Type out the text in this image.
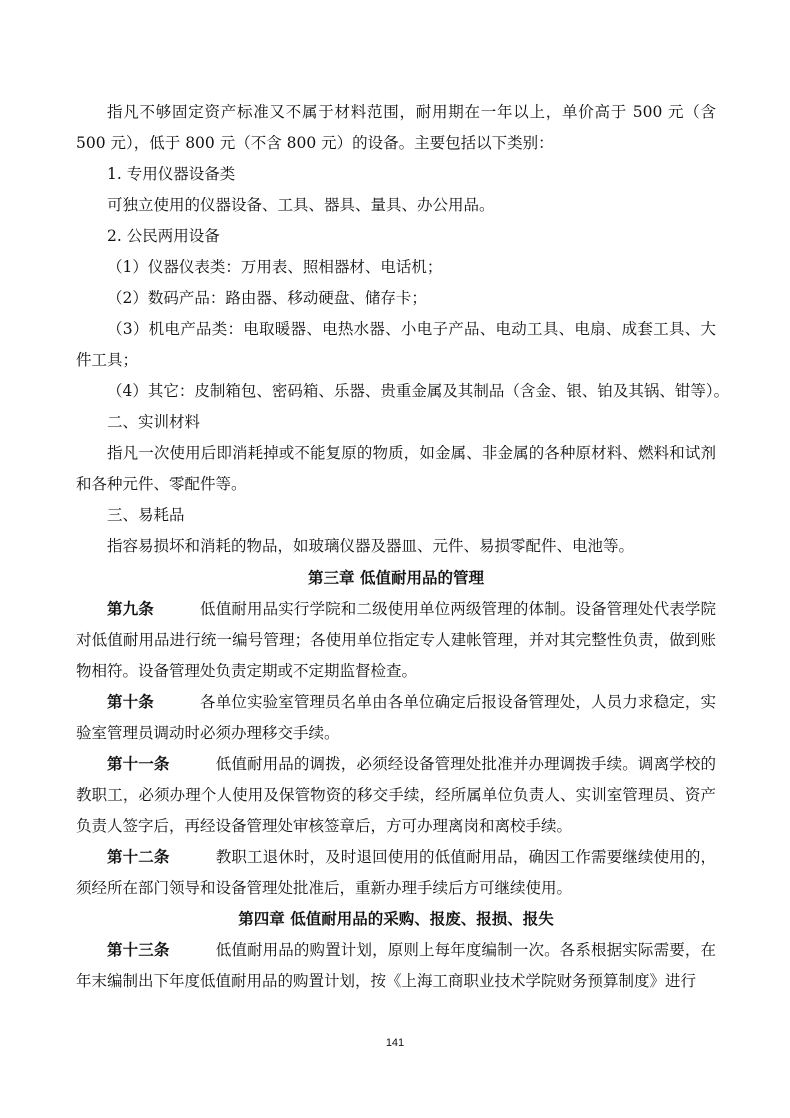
指凡不够固定资产标准又不属于材料范围，耐用期在一年以上，单价高于 500 元（含 500 元），低于 800 元（不含 800 元）的设备。主要包括以下类别：

1. 专用仪器设备类

可独立使用的仪器设备、工具、器具、量具、办公用品。

2. 公民两用设备

（1）仪器仪表类：万用表、照相器材、电话机；

（2）数码产品：路由器、移动硬盘、储存卡；

（3）机电产品类：电取暖器、电热水器、小电子产品、电动工具、电扇、成套工具、大件工具；

（4）其它：皮制箱包、密码箱、乐器、贵重金属及其制品（含金、银、铂及其锅、钳等）。

二、实训材料

指凡一次使用后即消耗掉或不能复原的物质，如金属、非金属的各种原材料、燃料和试剂和各种元件、零配件等。

三、易耗品

指容易损坏和消耗的物品，如玻璃仪器及器皿、元件、易损零配件、电池等。

第三章 低值耐用品的管理

第九条	低值耐用品实行学院和二级使用单位两级管理的体制。设备管理处代表学院对低值耐用品进行统一编号管理；各使用单位指定专人建帐管理，并对其完整性负责，做到账物相符。设备管理处负责定期或不定期监督检查。

第十条	各单位实验室管理员名单由各单位确定后报设备管理处，人员力求稳定，实验室管理员调动时必须办理移交手续。

第十一条	低值耐用品的调拨，必须经设备管理处批准并办理调拨手续。调离学校的教职工，必须办理个人使用及保管物资的移交手续，经所属单位负责人、实训室管理员、资产负责人签字后，再经设备管理处审核签章后，方可办理离岗和离校手续。

第十二条	教职工退休时，及时退回使用的低值耐用品，确因工作需要继续使用的，须经所在部门领导和设备管理处批准后，重新办理手续后方可继续使用。

第四章 低值耐用品的采购、报废、报损、报失

第十三条	低值耐用品的购置计划，原则上每年度编制一次。各系根据实际需要，在年末编制出下年度低值耐用品的购置计划，按《上海工商职业技术学院财务预算制度》进行

141
